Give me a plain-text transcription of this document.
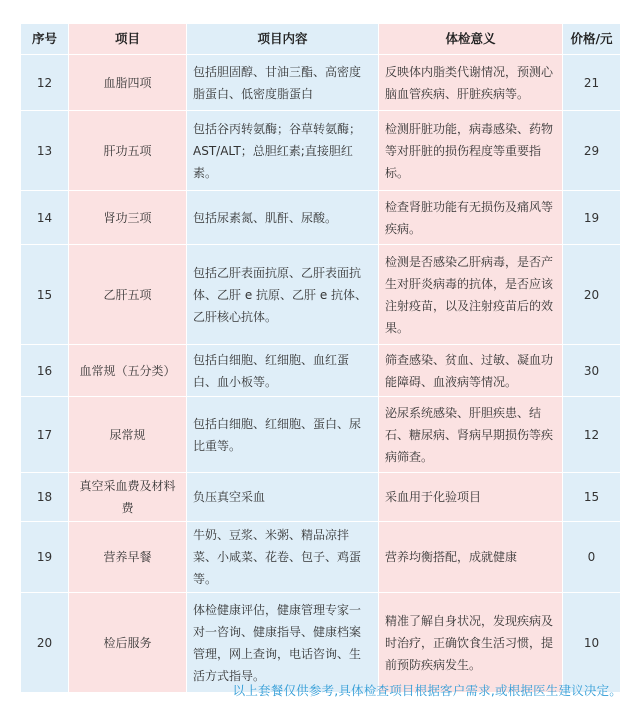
序号	项目	项目内容	体检意义	价格/元
12	血脂四项	包括胆固醇、甘油三酯、高密度脂蛋白、低密度脂蛋白	反映体内脂类代谢情况，预测心脑血管疾病、肝脏疾病等。	21
13	肝功五项	包括谷丙转氨酶；谷草转氨酶；AST/ALT；总胆红素;直接胆红素。	检测肝脏功能，病毒感染、药物等对肝脏的损伤程度等重要指标。	29
14	肾功三项	包括尿素氮、肌酐、尿酸。	检查肾脏功能有无损伤及痛风等疾病。	19
15	乙肝五项	包括乙肝表面抗原、乙肝表面抗体、乙肝 e 抗原、乙肝 e 抗体、乙肝核心抗体。	检测是否感染乙肝病毒，是否产生对肝炎病毒的抗体，是否应该注射疫苗，以及注射疫苗后的效果。	20
16	血常规（五分类）	包括白细胞、红细胞、血红蛋白、血小板等。	筛查感染、贫血、过敏、凝血功能障碍、血液病等情况。	30
17	尿常规	包括白细胞、红细胞、蛋白、尿比重等。	泌尿系统感染、肝胆疾患、结石、糖尿病、肾病早期损伤等疾病筛查。	12
18	真空采血费及材料费	负压真空采血	采血用于化验项目	15
19	营养早餐	牛奶、豆浆、米粥、精品凉拌菜、小咸菜、花卷、包子、鸡蛋等。	营养均衡搭配，成就健康	0
20	检后服务	体检健康评估，健康管理专家一对一咨询、健康指导、健康档案管理，网上查询，电话咨询、生活方式指导。	精准了解自身状况，发现疾病及时治疗，正确饮食生活习惯，提前预防疾病发生。	10
以上套餐仅供参考,具体检查项目根据客户需求,或根据医生建议决定。
